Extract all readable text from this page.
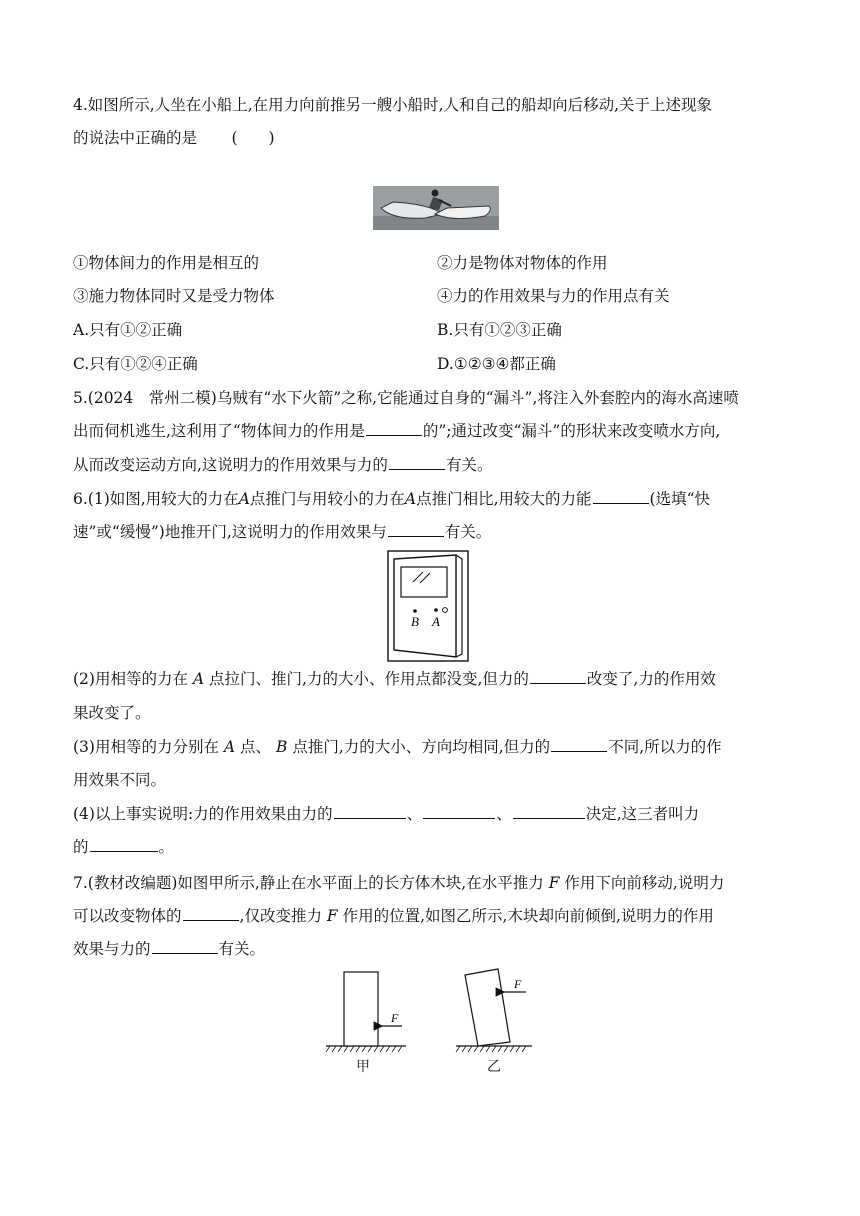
4.如图所示,人坐在小船上,在用力向前推另一艘小船时,人和自己的船却向后移动,关于上述现象
的说法中正确的是 (　　)
①物体间力的作用是相互的	②力是物体对物体的作用
③施力物体同时又是受力物体	④力的作用效果与力的作用点有关
A.只有①②正确	B.只有①②③正确
C.只有①②④正确	D.①②③④都正确
5.(2024　常州二模)乌贼有“水下火箭”之称,它能通过自身的“漏斗”,将注入外套腔内的海水高速喷
出而伺机逃生,这利用了“物体间力的作用是	的”;通过改变“漏斗”的形状来改变喷水方向,
从而改变运动方向,这说明力的作用效果与力的	有关。
6.(1)如图,用较大的力在A点推门与用较小的力在A点推门相比,用较大的力能	(选填“快
速”或“缓慢”)地推开门,这说明力的作用效果与	有关。
B A
(2)用相等的力在 A 点拉门、推门,力的大小、作用点都没变,但力的	改变了,力的作用效
果改变了。
(3)用相等的力分别在 A 点、 B 点推门,力的大小、方向均相同,但力的	不同,所以力的作
用效果不同。
(4)以上事实说明:力的作用效果由力的	、	、	决定,这三者叫力
的	。
7.(教材改编题)如图甲所示,静止在水平面上的长方体木块,在水平推力 F 作用下向前移动,说明力
可以改变物体的	,仅改变推力 F 作用的位置,如图乙所示,木块却向前倾倒,说明力的作用
效果与力的	有关。
F
F
甲	乙
